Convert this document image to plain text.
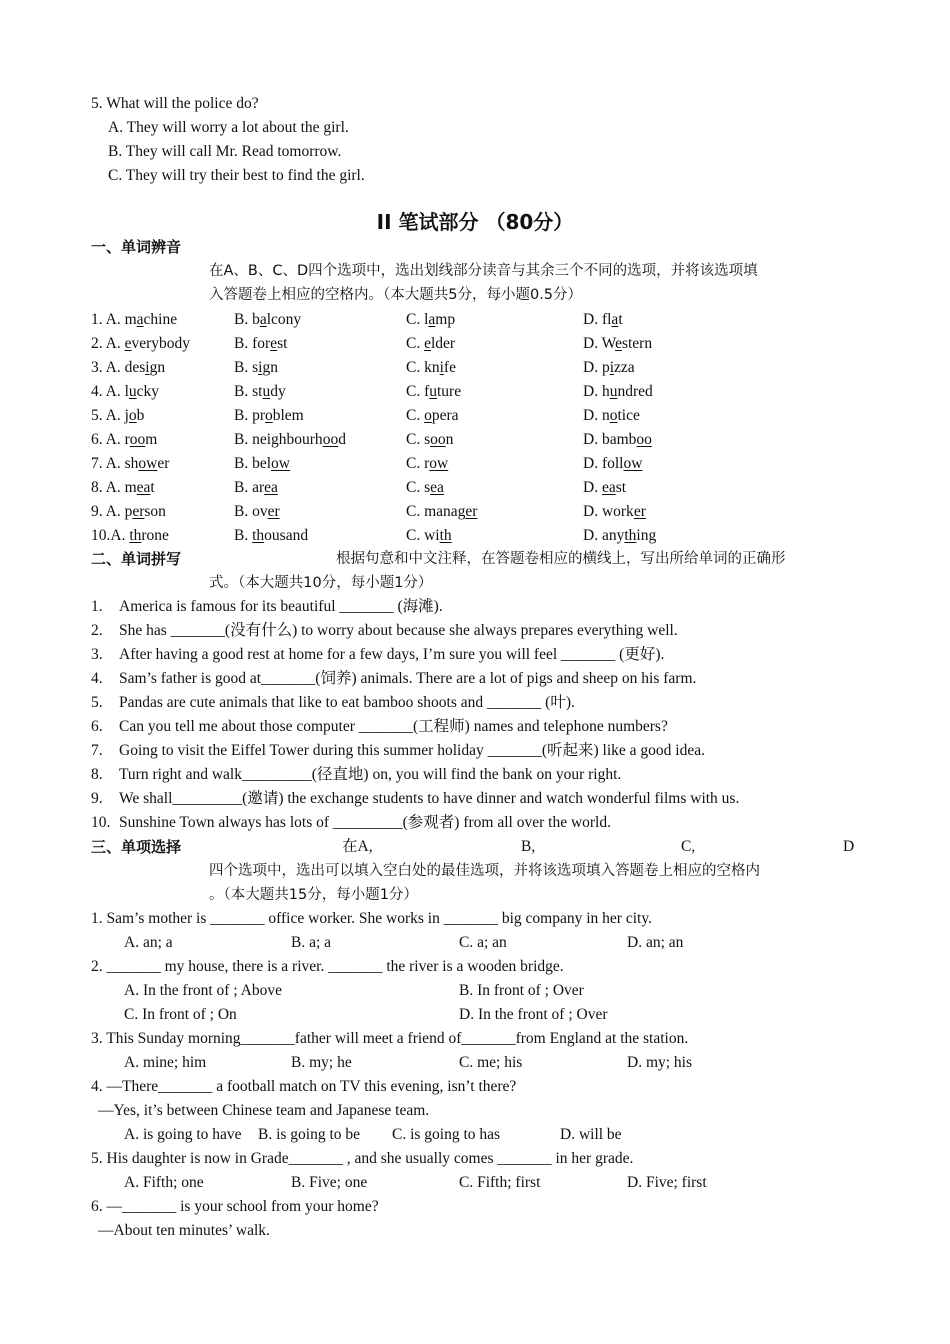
5. What will the police do?
A. They will worry a lot about the girl.
B. They will call Mr. Read tomorrow.
C. They will try their best to find the girl.
II 笔试部分 （80分）
一、单词辨音
在A、B、C、D四个选项中，选出划线部分读音与其余三个不同的选项，并将该选项填
入答题卷上相应的空格内。（本大题共5分，每小题0.5分）
1. A. machine	B. balcony	C. lamp	D. flat
2. A. everybody	B. forest	C. elder	D. Western
3. A. design	B. sign	C. knife	D. pizza
4. A. lucky	B. study	C. future	D. hundred
5. A. job	B. problem	C. opera	D. notice
6. A. room	B. neighbourhood	C. soon	D. bamboo
7. A. shower	B. below	C. row	D. follow
8. A. meat	B. area	C. sea	D. east
9. A. person	B. over	C. manager	D. worker
10.A. throne	B. thousand	C. with	D. anything
二、单词拼写	根据句意和中文注释，在答题卷相应的横线上，写出所给单词的正确形
式。（本大题共10分，每小题1分）
1. America is famous for its beautiful _______ (海滩).
2. She has _______(没有什么) to worry about because she always prepares everything well.
3. After having a good rest at home for a few days, I’m sure you will feel _______ (更好).
4. Sam’s father is good at_______(饲养) animals. There are a lot of pigs and sheep on his farm.
5. Pandas are cute animals that like to eat bamboo shoots and _______ (叶).
6. Can you tell me about those computer _______(工程师) names and telephone numbers?
7. Going to visit the Eiffel Tower during this summer holiday _______(听起来) like a good idea.
8. Turn right and walk_________(径直地) on, you will find the bank on your right.
9. We shall_________(邀请) the exchange students to have dinner and watch wonderful films with us.
10. Sunshine Town always has lots of _________(参观者) from all over the world.
三、单项选择	在A,	B,	C,	D
四个选项中，选出可以填入空白处的最佳选项，并将该选项填入答题卷上相应的空格内
。（本大题共15分，每小题1分）
1. Sam’s mother is _______ office worker. She works in _______ big company in her city.
A. an; a	B. a; a	C. a; an	D. an; an
2. _______ my house, there is a river. _______ the river is a wooden bridge.
A. In the front of ; Above	B. In front of ; Over
C. In front of ; On	D. In the front of ; Over
3. This Sunday morning_______father will meet a friend of_______from England at the station.
A. mine; him	B. my; he	C. me; his	D. my; his
4. —There_______ a football match on TV this evening, isn’t there?
—Yes, it’s between Chinese team and Japanese team.
A. is going to have B. is going to be C. is going to has	D. will be
5. His daughter is now in Grade_______ , and she usually comes _______ in her grade.
A. Fifth; one	B. Five; one	C. Fifth; first	D. Five; first
6. —_______ is your school from your home?
—About ten minutes’ walk.
